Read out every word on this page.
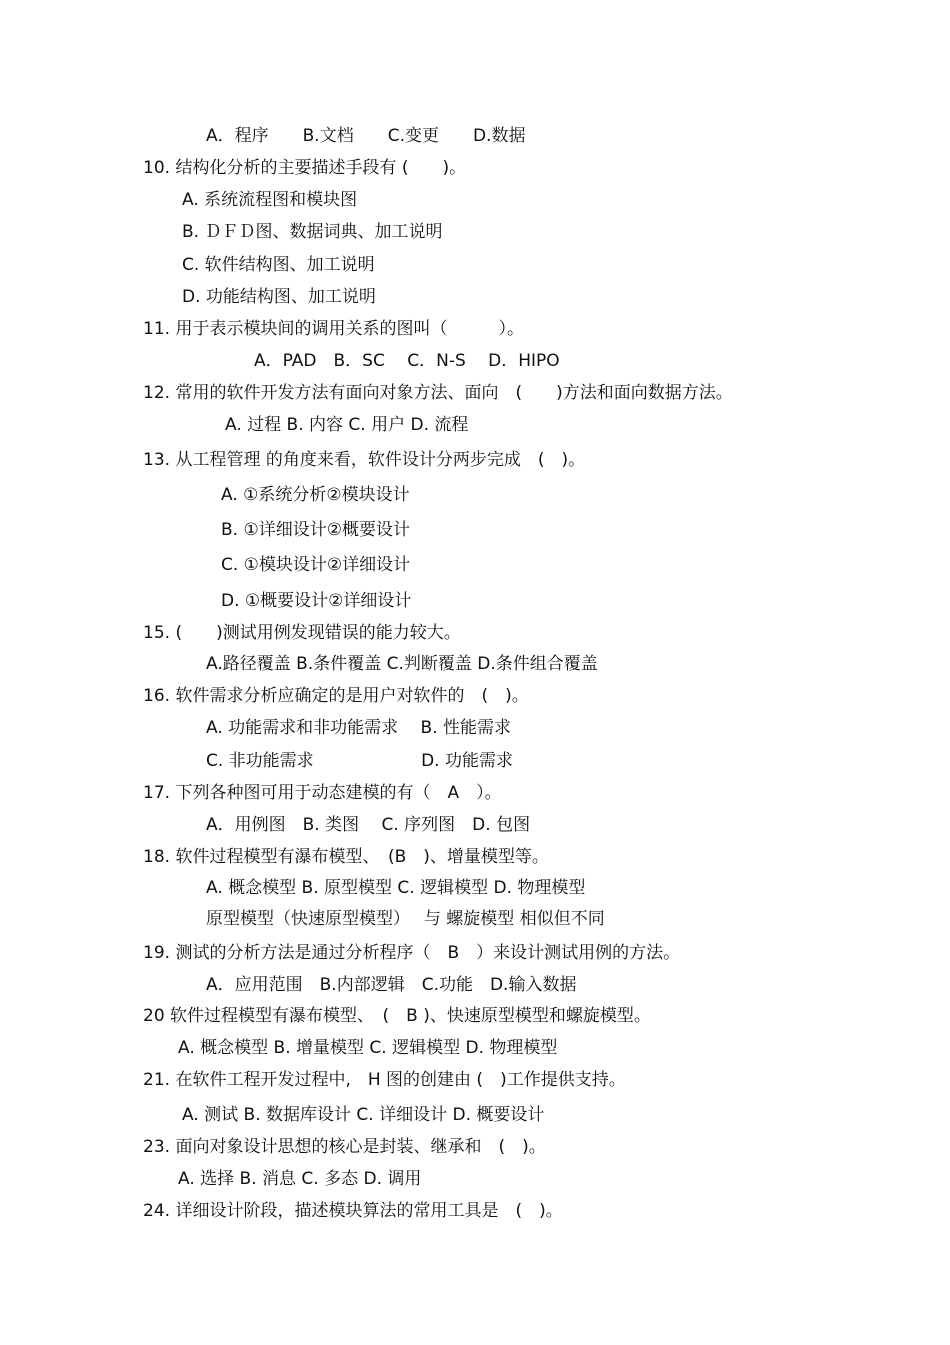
A．程序　　B.文档　　C.变更　　D.数据
10. 结构化分析的主要描述手段有 (　　)。
A. 系统流程图和模块图
B. ＤＦＤ图、数据词典、加工说明
C. 软件结构图、加工说明
D. 功能结构图、加工说明
11. 用于表示模块间的调用关系的图叫（　　　）。
A．PAD　B．SC　 C．N-S　 D．HIPO
12. 常用的软件开发方法有面向对象方法、面向　(　　)方法和面向数据方法。
A. 过程 B. 内容 C. 用户 D. 流程
13. 从工程管理 的角度来看，软件设计分两步完成　(　)。
A. ①系统分析②模块设计
B. ①详细设计②概要设计
C. ①模块设计②详细设计
D. ①概要设计②详细设计
15. (　　)测试用例发现错误的能力较大。
A.路径覆盖 B.条件覆盖 C.判断覆盖 D.条件组合覆盖
16. 软件需求分析应确定的是用户对软件的　(　)。
A. 功能需求和非功能需求　 B. 性能需求
C. 非功能需求　　　　　　 D. 功能需求
17. 下列各种图可用于动态建模的有（　A　）。
A．用例图　B. 类图　 C. 序列图　D. 包图
18. 软件过程模型有瀑布模型、　(B　)、增量模型等。
A. 概念模型 B. 原型模型 C. 逻辑模型 D. 物理模型
原型模型（快速原型模型）　 与 螺旋模型 相似但不同
19. 测试的分析方法是通过分析程序（　B　）来设计测试用例的方法。
A．应用范围　B.内部逻辑　C.功能　D.输入数据
20 软件过程模型有瀑布模型、　(　B )、快速原型模型和螺旋模型。
A. 概念模型 B. 增量模型 C. 逻辑模型 D. 物理模型
21. 在软件工程开发过程中,　H 图的创建由 (　)工作提供支持。
A. 测试 B. 数据库设计 C. 详细设计 D. 概要设计
23. 面向对象设计思想的核心是封装、继承和　(　)。
A. 选择 B. 消息 C. 多态 D. 调用
24. 详细设计阶段，描述模块算法的常用工具是　(　)。
